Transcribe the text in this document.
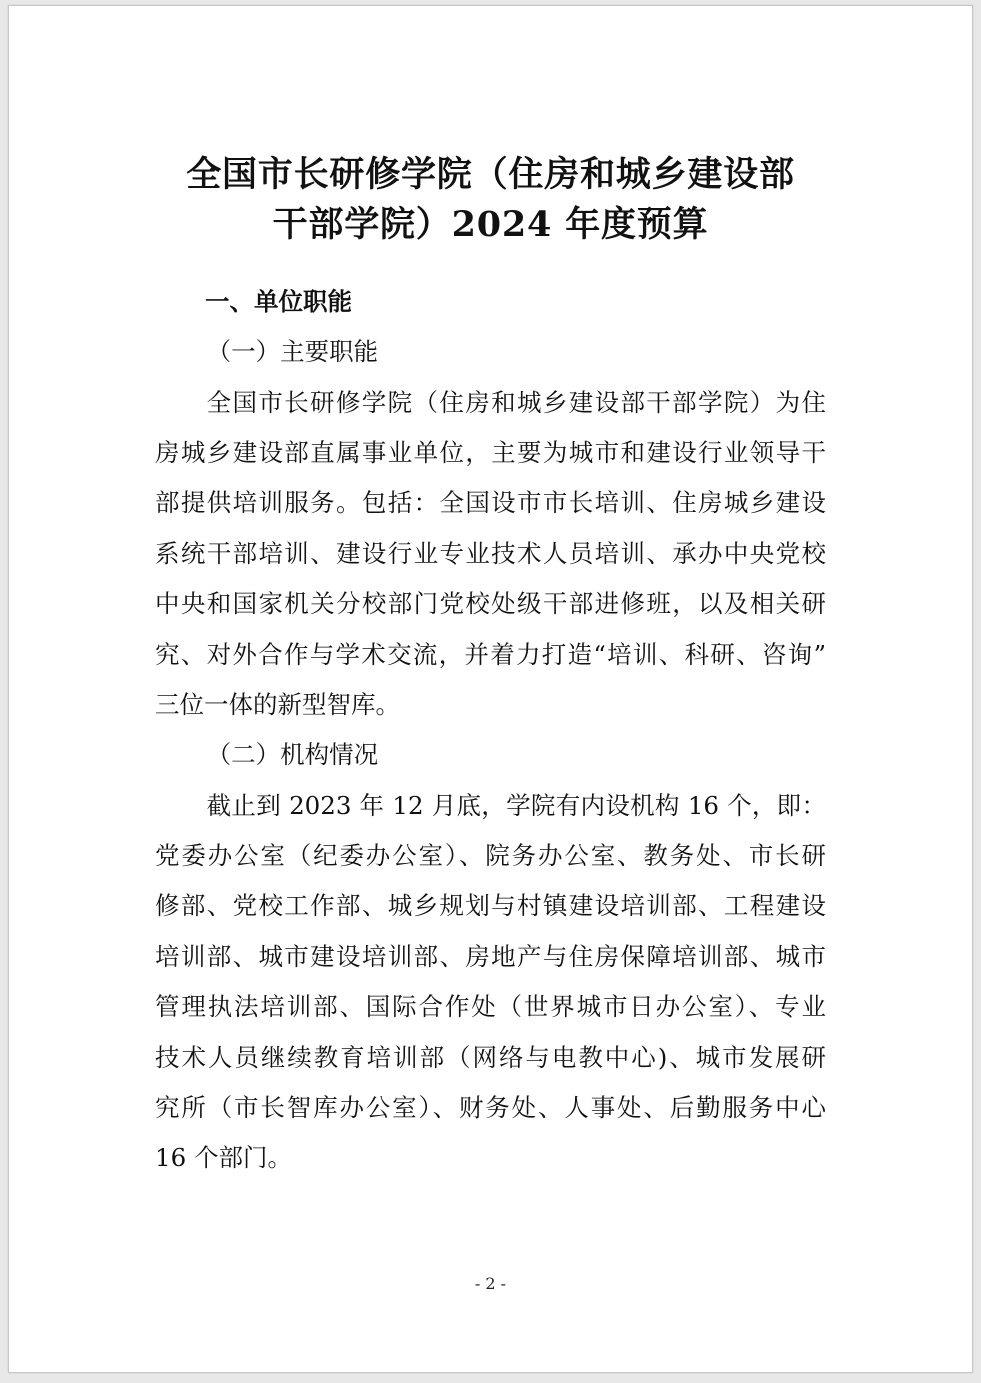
全国市长研修学院（住房和城乡建设部
干部学院）2024 年度预算
一、单位职能
（一）主要职能
全国市长研修学院（住房和城乡建设部干部学院）为住
房城乡建设部直属事业单位，主要为城市和建设行业领导干
部提供培训服务。包括：全国设市市长培训、住房城乡建设
系统干部培训、建设行业专业技术人员培训、承办中央党校
中央和国家机关分校部门党校处级干部进修班，以及相关研
究、对外合作与学术交流，并着力打造“培训、科研、咨询”
三位一体的新型智库。
（二）机构情况
截止到 2023 年 12 月底，学院有内设机构 16 个，即：
党委办公室（纪委办公室）、院务办公室、教务处、市长研
修部、党校工作部、城乡规划与村镇建设培训部、工程建设
培训部、城市建设培训部、房地产与住房保障培训部、城市
管理执法培训部、国际合作处（世界城市日办公室）、专业
技术人员继续教育培训部（网络与电教中心)、城市发展研
究所（市长智库办公室）、财务处、人事处、后勤服务中心
16 个部门。
- 2 -
